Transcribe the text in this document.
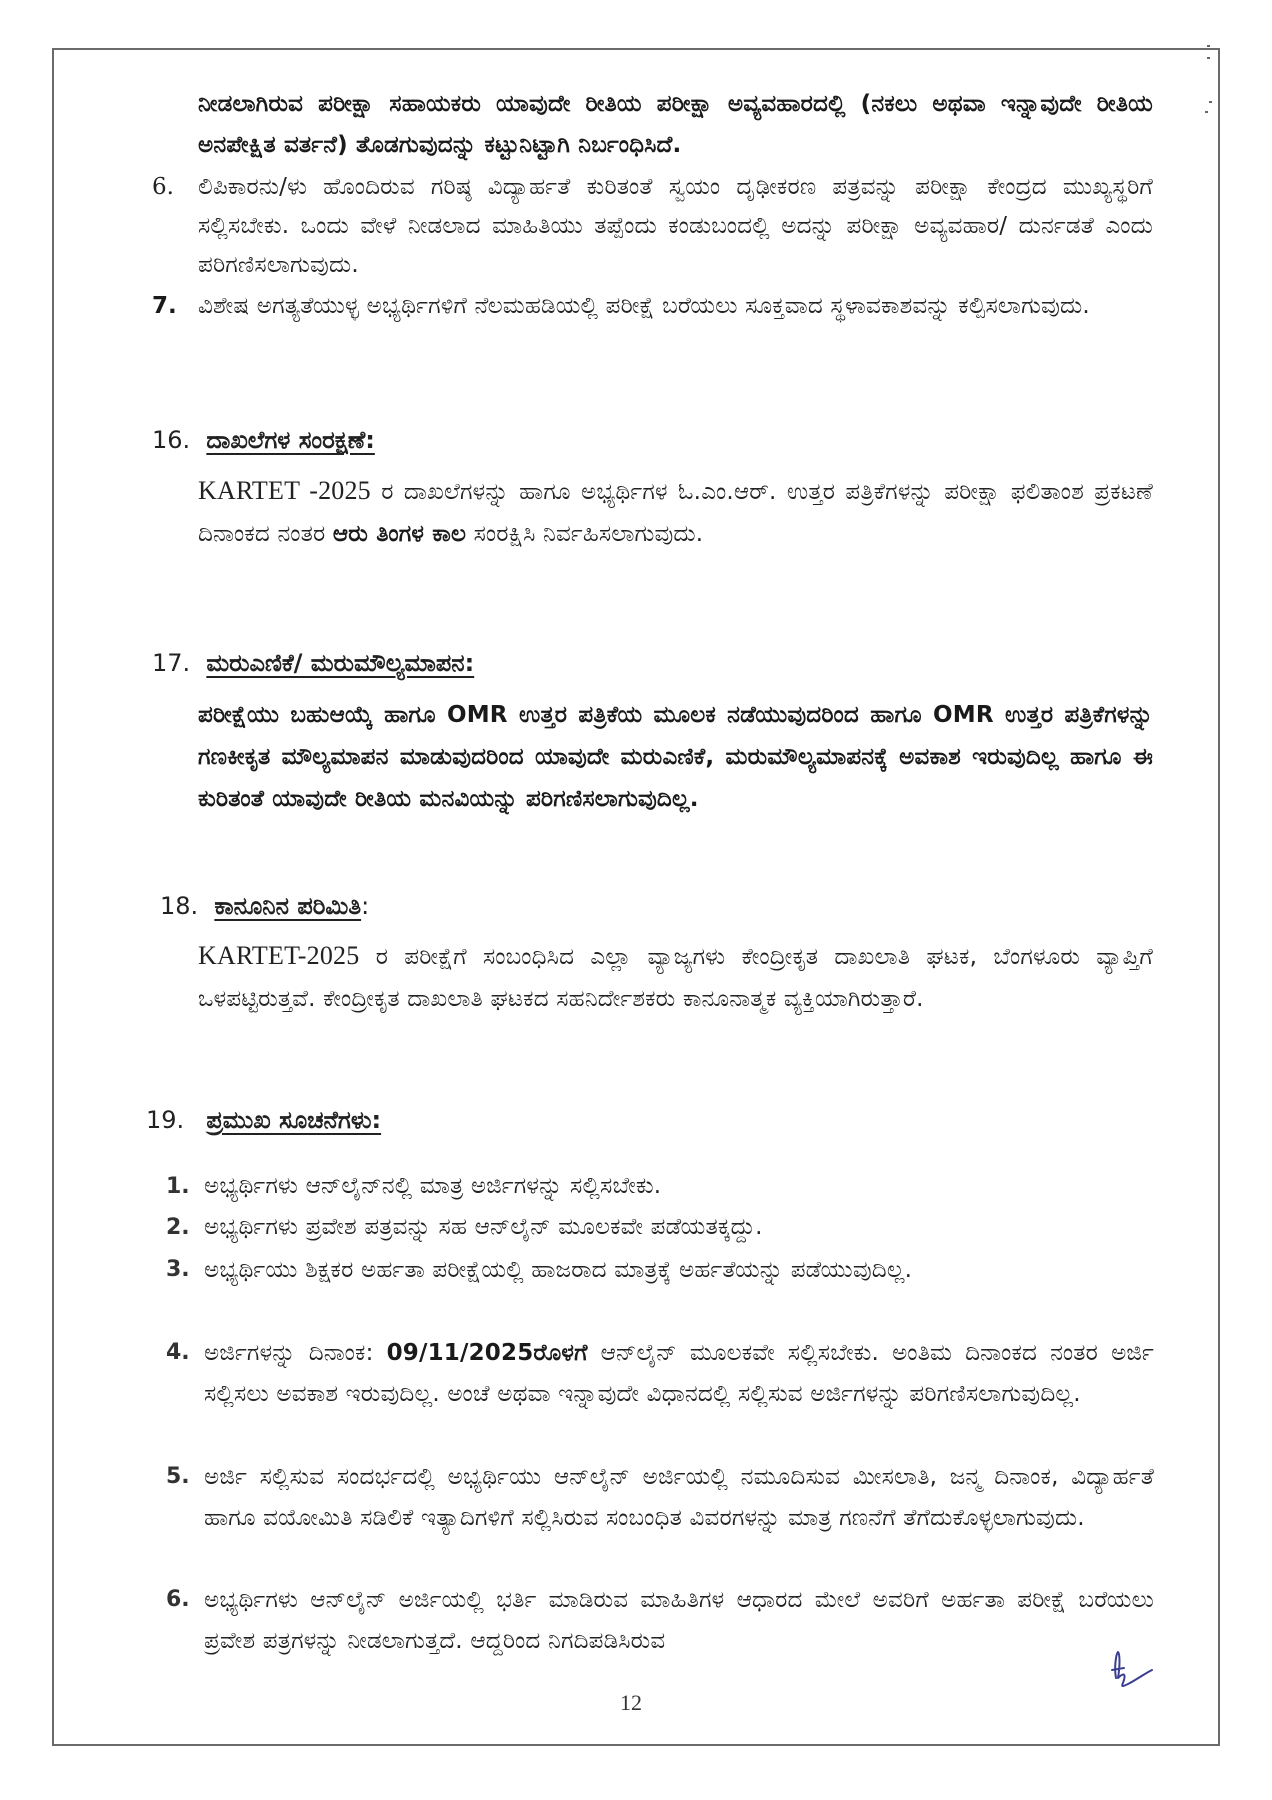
ನೀಡಲಾಗಿರುವ ಪರೀಕ್ಷಾ ಸಹಾಯಕರು ಯಾವುದೇ ರೀತಿಯ ಪರೀಕ್ಷಾ ಅವ್ಯವಹಾರದಲ್ಲಿ (ನಕಲು ಅಥವಾ ಇನ್ನಾವುದೇ ರೀತಿಯ ಅನಪೇಕ್ಷಿತ ವರ್ತನೆ) ತೊಡಗುವುದನ್ನು ಕಟ್ಟುನಿಟ್ಟಾಗಿ ನಿರ್ಬಂಧಿಸಿದೆ.
6. ಲಿಪಿಕಾರನು/ಳು ಹೊಂದಿರುವ ಗರಿಷ್ಠ ವಿದ್ಯಾರ್ಹತೆ ಕುರಿತಂತೆ ಸ್ವಯಂ ದೃಢೀಕರಣ ಪತ್ರವನ್ನು ಪರೀಕ್ಷಾ ಕೇಂದ್ರದ ಮುಖ್ಯಸ್ಥರಿಗೆ ಸಲ್ಲಿಸಬೇಕು. ಒಂದು ವೇಳೆ ನೀಡಲಾದ ಮಾಹಿತಿಯು ತಪ್ಪೆಂದು ಕಂಡುಬಂದಲ್ಲಿ ಅದನ್ನು ಪರೀಕ್ಷಾ ಅವ್ಯವಹಾರ/ ದುರ್ನಡತೆ ಎಂದು ಪರಿಗಣಿಸಲಾಗುವುದು.
7. ವಿಶೇಷ ಅಗತ್ಯತೆಯುಳ್ಳ ಅಭ್ಯರ್ಥಿಗಳಿಗೆ ನೆಲಮಹಡಿಯಲ್ಲಿ ಪರೀಕ್ಷೆ ಬರೆಯಲು ಸೂಕ್ತವಾದ ಸ್ಥಳಾವಕಾಶವನ್ನು ಕಲ್ಪಿಸಲಾಗುವುದು.
16. ದಾಖಲೆಗಳ ಸಂರಕ್ಷಣೆ:
KARTET -2025 ರ ದಾಖಲೆಗಳನ್ನು ಹಾಗೂ ಅಭ್ಯರ್ಥಿಗಳ ಓ.ಎಂ.ಆರ್. ಉತ್ತರ ಪತ್ರಿಕೆಗಳನ್ನು ಪರೀಕ್ಷಾ ಫಲಿತಾಂಶ ಪ್ರಕಟಣೆ ದಿನಾಂಕದ ನಂತರ ಆರು ತಿಂಗಳ ಕಾಲ ಸಂರಕ್ಷಿಸಿ ನಿರ್ವಹಿಸಲಾಗುವುದು.
17. ಮರುಎಣಿಕೆ/ ಮರುಮೌಲ್ಯಮಾಪನ:
ಪರೀಕ್ಷೆಯು ಬಹುಆಯ್ಕೆ ಹಾಗೂ OMR ಉತ್ತರ ಪತ್ರಿಕೆಯ ಮೂಲಕ ನಡೆಯುವುದರಿಂದ ಹಾಗೂ OMR ಉತ್ತರ ಪತ್ರಿಕೆಗಳನ್ನು ಗಣಕೀಕೃತ ಮೌಲ್ಯಮಾಪನ ಮಾಡುವುದರಿಂದ ಯಾವುದೇ ಮರುಎಣಿಕೆ, ಮರುಮೌಲ್ಯಮಾಪನಕ್ಕೆ ಅವಕಾಶ ಇರುವುದಿಲ್ಲ ಹಾಗೂ ಈ ಕುರಿತಂತೆ ಯಾವುದೇ ರೀತಿಯ ಮನವಿಯನ್ನು ಪರಿಗಣಿಸಲಾಗುವುದಿಲ್ಲ.
18. ಕಾನೂನಿನ ಪರಿಮಿತಿ:
KARTET-2025 ರ ಪರೀಕ್ಷೆಗೆ ಸಂಬಂಧಿಸಿದ ಎಲ್ಲಾ ವ್ಯಾಜ್ಯಗಳು ಕೇಂದ್ರೀಕೃತ ದಾಖಲಾತಿ ಘಟಕ, ಬೆಂಗಳೂರು ವ್ಯಾಪ್ತಿಗೆ ಒಳಪಟ್ಟಿರುತ್ತವೆ. ಕೇಂದ್ರೀಕೃತ ದಾಖಲಾತಿ ಘಟಕದ ಸಹನಿರ್ದೇಶಕರು ಕಾನೂನಾತ್ಮಕ ವ್ಯಕ್ತಿಯಾಗಿರುತ್ತಾರೆ.
19. ಪ್ರಮುಖ ಸೂಚನೆಗಳು:
1. ಅಭ್ಯರ್ಥಿಗಳು ಆನ್‌ಲೈನ್‌ನಲ್ಲಿ ಮಾತ್ರ ಅರ್ಜಿಗಳನ್ನು ಸಲ್ಲಿಸಬೇಕು.
2. ಅಭ್ಯರ್ಥಿಗಳು ಪ್ರವೇಶ ಪತ್ರವನ್ನು ಸಹ ಆನ್‌ಲೈನ್ ಮೂಲಕವೇ ಪಡೆಯತಕ್ಕದ್ದು.
3. ಅಭ್ಯರ್ಥಿಯು ಶಿಕ್ಷಕರ ಅರ್ಹತಾ ಪರೀಕ್ಷೆಯಲ್ಲಿ ಹಾಜರಾದ ಮಾತ್ರಕ್ಕೆ ಅರ್ಹತೆಯನ್ನು ಪಡೆಯುವುದಿಲ್ಲ.
4. ಅರ್ಜಿಗಳನ್ನು ದಿನಾಂಕ: 09/11/2025ರೊಳಗೆ ಆನ್‌ಲೈನ್ ಮೂಲಕವೇ ಸಲ್ಲಿಸಬೇಕು. ಅಂತಿಮ ದಿನಾಂಕದ ನಂತರ ಅರ್ಜಿ ಸಲ್ಲಿಸಲು ಅವಕಾಶ ಇರುವುದಿಲ್ಲ. ಅಂಚೆ ಅಥವಾ ಇನ್ನಾವುದೇ ವಿಧಾನದಲ್ಲಿ ಸಲ್ಲಿಸುವ ಅರ್ಜಿಗಳನ್ನು ಪರಿಗಣಿಸಲಾಗುವುದಿಲ್ಲ.
5. ಅರ್ಜಿ ಸಲ್ಲಿಸುವ ಸಂದರ್ಭದಲ್ಲಿ ಅಭ್ಯರ್ಥಿಯು ಆನ್‌ಲೈನ್ ಅರ್ಜಿಯಲ್ಲಿ ನಮೂದಿಸುವ ಮೀಸಲಾತಿ, ಜನ್ಮ ದಿನಾಂಕ, ವಿದ್ಯಾರ್ಹತೆ ಹಾಗೂ ವಯೋಮಿತಿ ಸಡಿಲಿಕೆ ಇತ್ಯಾದಿಗಳಿಗೆ ಸಲ್ಲಿಸಿರುವ ಸಂಬಂಧಿತ ವಿವರಗಳನ್ನು ಮಾತ್ರ ಗಣನೆಗೆ ತೆಗೆದುಕೊಳ್ಳಲಾಗುವುದು.
6. ಅಭ್ಯರ್ಥಿಗಳು ಆನ್‌ಲೈನ್ ಅರ್ಜಿಯಲ್ಲಿ ಭರ್ತಿ ಮಾಡಿರುವ ಮಾಹಿತಿಗಳ ಆಧಾರದ ಮೇಲೆ ಅವರಿಗೆ ಅರ್ಹತಾ ಪರೀಕ್ಷೆ ಬರೆಯಲು ಪ್ರವೇಶ ಪತ್ರಗಳನ್ನು ನೀಡಲಾಗುತ್ತದೆ. ಆದ್ದರಿಂದ ನಿಗದಿಪಡಿಸಿರುವ
12
